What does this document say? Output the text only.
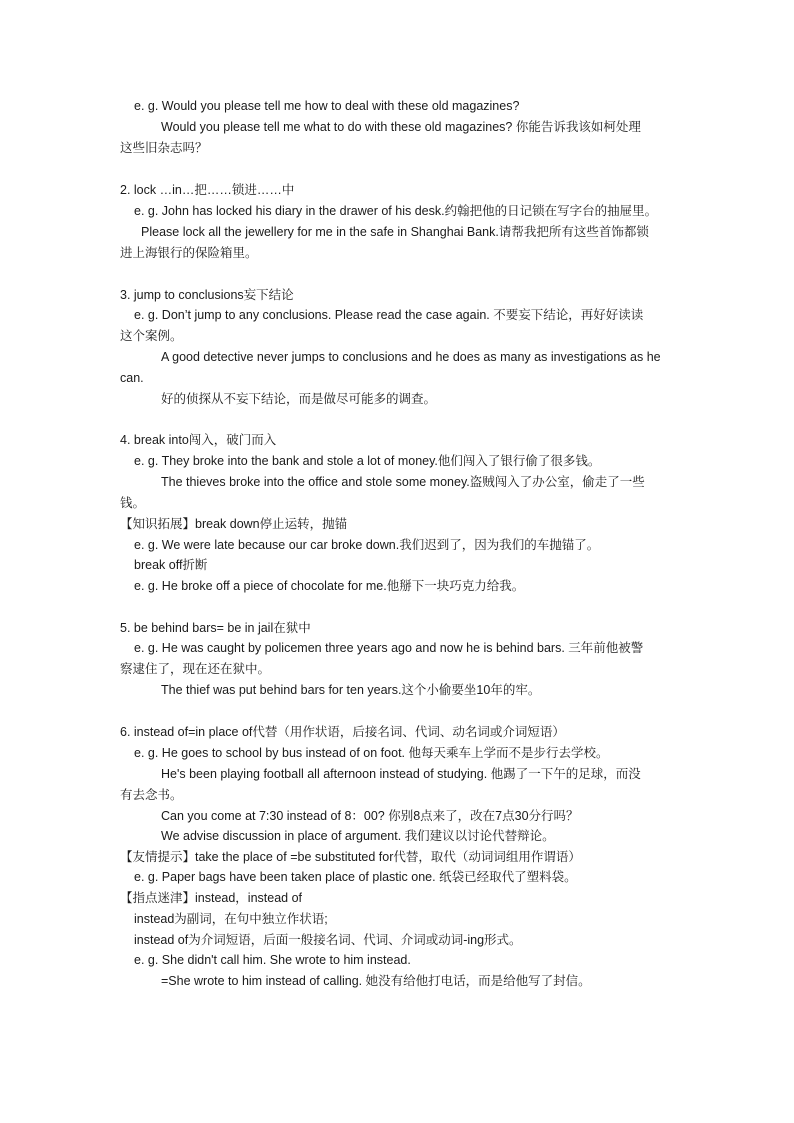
e. g. Would you please tell me how to deal with these old magazines?
Would you please tell me what to do with these old magazines? 你能告诉我该如柯处理
这些旧杂志吗？
2. lock …in…把……锁进……中
e. g. John has locked his diary in the drawer of his desk.约翰把他的日记锁在写字台的抽屉里。
Please lock all the jewellery for me in the safe in Shanghai Bank.请帮我把所有这些首饰都锁
进上海银行的保险箱里。
3. jump to conclusions妄下结论
e. g. Don’t jump to any conclusions. Please read the case again. 不要妄下结论，再好好读读
这个案例。
A good detective never jumps to conclusions and he does as many as investigations as he
can.
好的侦探从不妄下结论，而是做尽可能多的调查。
4. break into闯入，破门而入
e. g. They broke into the bank and stole a lot of money.他们闯入了银行偷了很多钱。
The thieves broke into the office and stole some money.盗贼闯入了办公室，偷走了一些
钱。
【知识拓展】break down停止运转，抛锚
e. g. We were late because our car broke down.我们迟到了，因为我们的车抛锚了。
break off折断
e. g. He broke off a piece of chocolate for me.他掰下一块巧克力给我。
5. be behind bars= be in jail在狱中
e. g. He was caught by policemen three years ago and now he is behind bars. 三年前他被警
察逮住了，现在还在狱中。
The thief was put behind bars for ten years.这个小偷要坐10年的牢。
6. instead of=in place of代替（用作状语，后接名词、代词、动名词或介词短语）
e. g. He goes to school by bus instead of on foot. 他每天乘车上学而不是步行去学校。
He's been playing football all afternoon instead of studying. 他踢了一下午的足球，而没
有去念书。
Can you come at 7:30 instead of 8：00? 你别8点来了，改在7点30分行吗？
We advise discussion in place of argument. 我们建议以讨论代替辩论。
【友情提示】take the place of =be substituted for代替，取代（动词词组用作谓语）
e. g. Paper bags have been taken place of plastic one. 纸袋已经取代了塑料袋。
【指点迷津】instead，instead of
instead为副词，在句中独立作状语;
instead of为介词短语，后面一般接名词、代词、介词或动词-ing形式。
e. g. She didn't call him. She wrote to him instead.
=She wrote to him instead of calling. 她没有给他打电话，而是给他写了封信。
